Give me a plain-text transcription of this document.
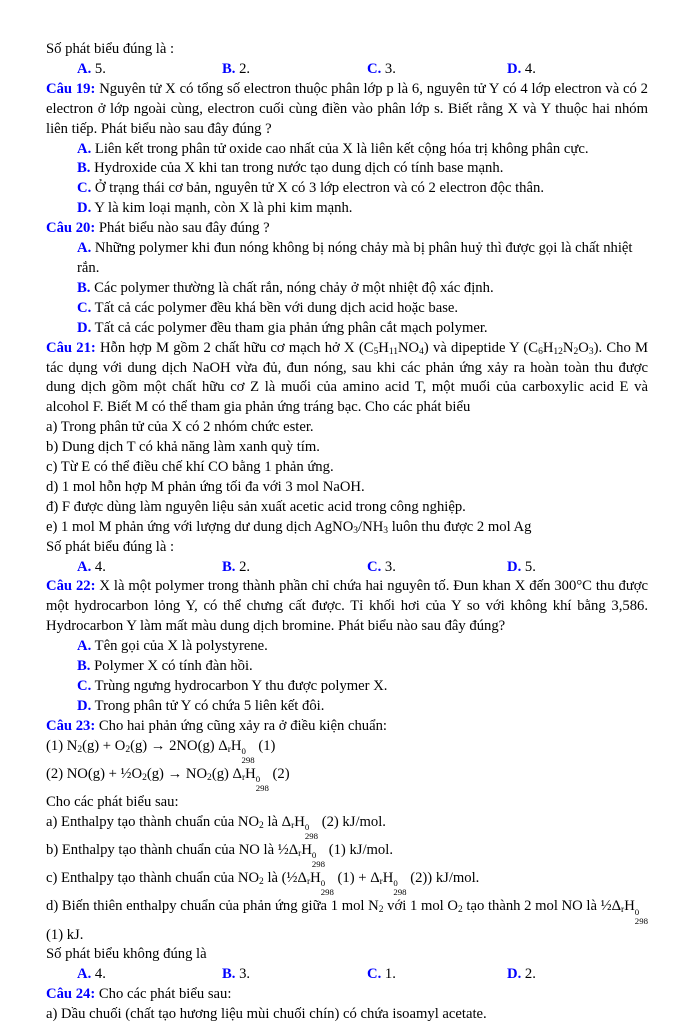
Số phát biểu đúng là :
A. 5.	B. 2.	C. 3.	D. 4.
Câu 19: Nguyên tử X có tổng số electron thuộc phân lớp p là 6, nguyên tử Y có 4 lớp electron và có 2 electron ở lớp ngoài cùng, electron cuối cùng điền vào phân lớp s. Biết rằng X và Y thuộc hai nhóm liên tiếp. Phát biểu nào sau đây đúng ?
A. Liên kết trong phân tử oxide cao nhất của X là liên kết cộng hóa trị không phân cực.
B. Hydroxide của X khi tan trong nước tạo dung dịch có tính base mạnh.
C. Ở trạng thái cơ bản, nguyên tử X có 3 lớp electron và có 2 electron độc thân.
D. Y là kim loại mạnh, còn X là phi kim mạnh.
Câu 20: Phát biểu nào sau đây đúng ?
A. Những polymer khi đun nóng không bị nóng chảy mà bị phân huỷ thì được gọi là chất nhiệt rắn.
B. Các polymer thường là chất rắn, nóng chảy ở một nhiệt độ xác định.
C. Tất cả các polymer đều khá bền với dung dịch acid hoặc base.
D. Tất cả các polymer đều tham gia phản ứng phân cắt mạch polymer.
Câu 21: Hỗn hợp M gồm 2 chất hữu cơ mạch hở X $(C_5H_{11}NO_4)$ và dipeptide Y $(C_6H_{12}N_2O_3)$. Cho M tác dụng với dung dịch NaOH vừa đủ, đun nóng, sau khi các phản ứng xảy ra hoàn toàn thu được dung dịch gồm một chất hữu cơ Z là muối của amino acid T, một muối của carboxylic acid E và alcohol F. Biết M có thể tham gia phản ứng tráng bạc. Cho các phát biểu
a) Trong phân tử của X có 2 nhóm chức ester.
b) Dung dịch T có khả năng làm xanh quỳ tím.
c) Từ E có thể điều chế khí CO bằng 1 phản ứng.
d) 1 mol hỗn hợp M phản ứng tối đa với 3 mol NaOH.
đ) F được dùng làm nguyên liệu sản xuất acetic acid trong công nghiệp.
e) 1 mol M phản ứng với lượng dư dung dịch $AgNO_3/NH_3$ luôn thu được 2 mol Ag
Số phát biểu đúng là :
A. 4.	B. 2.	C. 3.	D. 5.
Câu 22: X là một polymer trong thành phần chỉ chứa hai nguyên tố. Đun khan X đến 300°C thu được một hydrocarbon lỏng Y, có thể chưng cất được. Tỉ khối hơi của Y so với không khí bằng 3,586. Hydrocarbon Y làm mất màu dung dịch bromine. Phát biểu nào sau đây đúng?
A. Tên gọi của X là polystyrene.
B. Polymer X có tính đàn hồi.
C. Trùng ngưng hydrocarbon Y thu được polymer X.
D. Trong phân tử Y có chứa 5 liên kết đôi.
Câu 23: Cho hai phản ứng cũng xảy ra ở điều kiện chuẩn:
(1) $N_2(g) + O_2(g) \to 2NO(g)$ $\Delta_rH$ 0
298
(1)
(2) $NO(g) + \frac{1}{2}O_2(g) \to NO_2(g)$ $\Delta_rH$ 0
298
(2)
Cho các phát biểu sau:
a) Enthalpy tạo thành chuẩn của $NO_2$ là $\Delta_rH$ 0
298
(2) kJ/mol.
b) Enthalpy tạo thành chuẩn của NO là $\frac{1}{2}\Delta_rH$ 0
298
(1) kJ/mol.
c) Enthalpy tạo thành chuẩn của $NO_2$ là ($\frac{1}{2}\Delta_rH$ 0
298
$(1) + \Delta_rH$ 0
298
(2)) kJ/mol.
d) Biến thiên enthalpy chuẩn của phản ứng giữa 1 mol $N_2$ với 1 mol $O_2$ tạo thành 2 mol NO là $\frac{1}{2}\Delta_rH$ 0
298
(1) kJ.
Số phát biểu không đúng là
A. 4.	B. 3.	C. 1.	D. 2.
Câu 24: Cho các phát biểu sau:
a) Dầu chuối (chất tạo hương liệu mùi chuối chín) có chứa isoamyl acetate.
